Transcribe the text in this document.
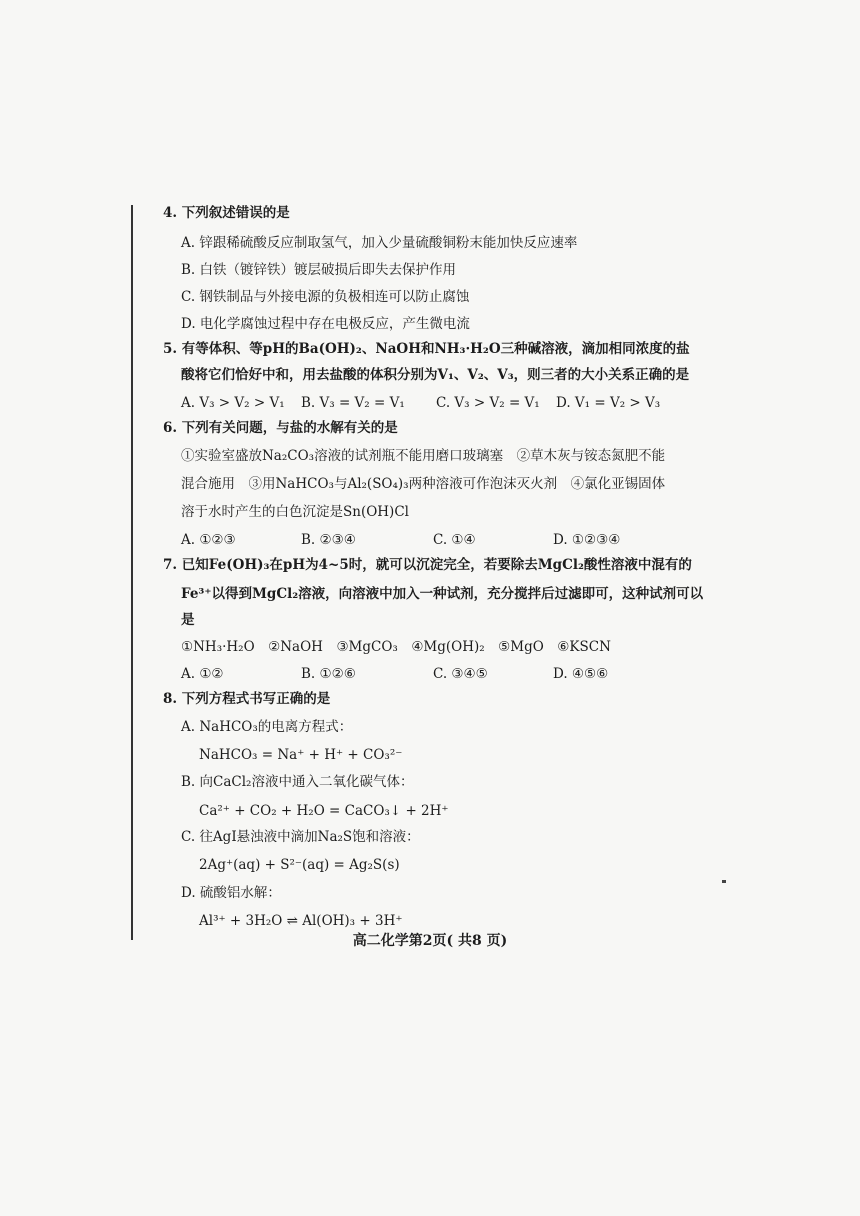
4. 下列叙述错误的是
A. 锌跟稀硫酸反应制取氢气，加入少量硫酸铜粉末能加快反应速率
B. 白铁（镀锌铁）镀层破损后即失去保护作用
C. 钢铁制品与外接电源的负极相连可以防止腐蚀
D. 电化学腐蚀过程中存在电极反应，产生微电流
5. 有等体积、等pH的Ba(OH)₂、NaOH和NH₃·H₂O三种碱溶液，滴加相同浓度的盐
酸将它们恰好中和，用去盐酸的体积分别为V₁、V₂、V₃，则三者的大小关系正确的是
A. V₃ > V₂ > V₁ B. V₃ = V₂ = V₁ C. V₃ > V₂ = V₁ D. V₁ = V₂ > V₃
6. 下列有关问题，与盐的水解有关的是
①实验室盛放Na₂CO₃溶液的试剂瓶不能用磨口玻璃塞　②草木灰与铵态氮肥不能
混合施用　③用NaHCO₃与Al₂(SO₄)₃两种溶液可作泡沫灭火剂　④氯化亚锡固体
溶于水时产生的白色沉淀是Sn(OH)Cl
A. ①②③	B. ②③④	C. ①④	D. ①②③④
7. 已知Fe(OH)₃在pH为4~5时，就可以沉淀完全，若要除去MgCl₂酸性溶液中混有的
Fe³⁺以得到MgCl₂溶液，向溶液中加入一种试剂，充分搅拌后过滤即可，这种试剂可以
是
①NH₃·H₂O　②NaOH　③MgCO₃　④Mg(OH)₂　⑤MgO　⑥KSCN
A. ①②	B. ①②⑥	C. ③④⑤	D. ④⑤⑥
8. 下列方程式书写正确的是
A. NaHCO₃的电离方程式：
NaHCO₃ = Na⁺ + H⁺ + CO₃²⁻
B. 向CaCl₂溶液中通入二氧化碳气体：
Ca²⁺ + CO₂ + H₂O = CaCO₃↓ + 2H⁺
C. 往AgI悬浊液中滴加Na₂S饱和溶液：
2Ag⁺(aq) + S²⁻(aq) = Ag₂S(s)
D. 硫酸铝水解：
Al³⁺ + 3H₂O ⇌ Al(OH)₃ + 3H⁺
高二化学第2页( 共8 页)
